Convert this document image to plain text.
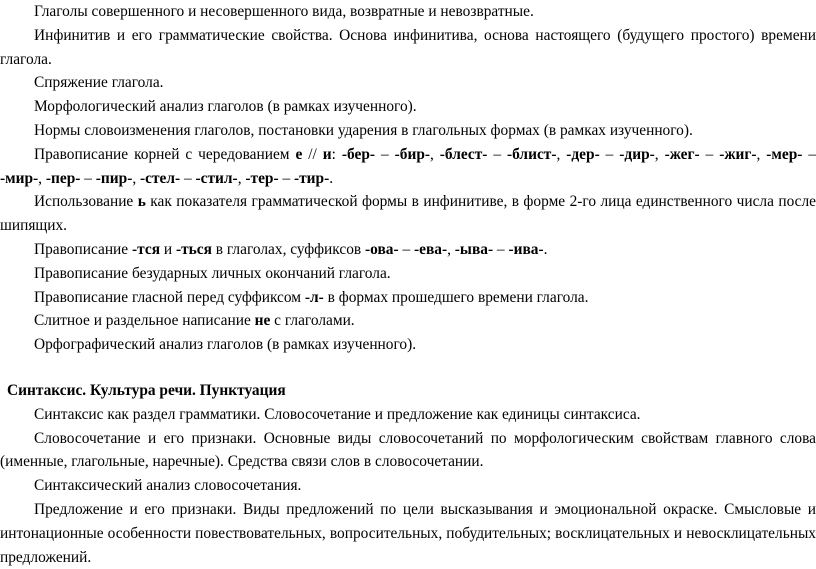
Глаголы совершенного и несовершенного вида, возвратные и невозвратные.

Инфинитив и его грамматические свойства. Основа инфинитива, основа настоящего (будущего простого) времени глагола.

Спряжение глагола.

Морфологический анализ глаголов (в рамках изученного).

Нормы словоизменения глаголов, постановки ударения в глагольных формах (в рамках изученного).

Правописание корней с чередованием е // и: -бер- – -бир-, -блест- – -блист-, -дер- – -дир-, -жег- – -жиг-, -мер- – -мир-, -пер- – -пир-, -стел- – -стил-, -тер- – -тир-.

Использование ь как показателя грамматической формы в инфинитиве, в форме 2-го лица единственного числа после шипящих.

Правописание -тся и -ться в глаголах, суффиксов -ова- – -ева-, -ыва- – -ива-.

Правописание безударных личных окончаний глагола.

Правописание гласной перед суффиксом -л- в формах прошедшего времени глагола.

Слитное и раздельное написание не с глаголами.

Орфографический анализ глаголов (в рамках изученного).

Синтаксис. Культура речи. Пунктуация

Синтаксис как раздел грамматики. Словосочетание и предложение как единицы синтаксиса.

Словосочетание и его признаки. Основные виды словосочетаний по морфологическим свойствам главного слова (именные, глагольные, наречные). Средства связи слов в словосочетании.

Синтаксический анализ словосочетания.

Предложение и его признаки. Виды предложений по цели высказывания и эмоциональной окраске. Смысловые и интонационные особенности повествовательных, вопросительных, побудительных; восклицательных и невосклицательных предложений.
